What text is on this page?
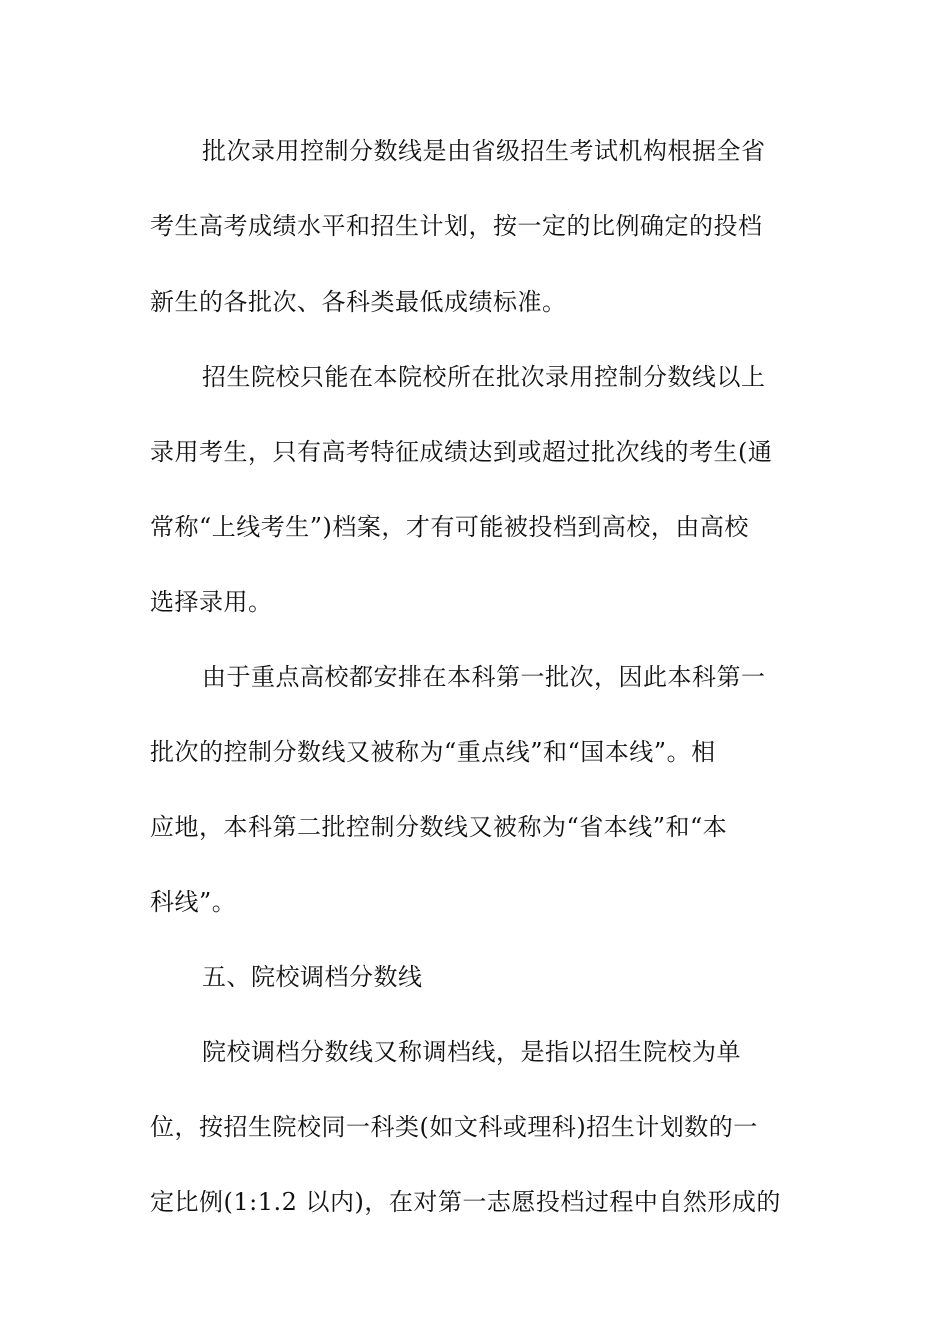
批次录用控制分数线是由省级招生考试机构根据全省
考生高考成绩水平和招生计划，按一定的比例确定的投档
新生的各批次、各科类最低成绩标准。
招生院校只能在本院校所在批次录用控制分数线以上
录用考生，只有高考特征成绩达到或超过批次线的考生(通
常称“上线考生”)档案，才有可能被投档到高校，由高校
选择录用。
由于重点高校都安排在本科第一批次，因此本科第一
批次的控制分数线又被称为“重点线”和“国本线”。相
应地，本科第二批控制分数线又被称为“省本线”和“本
科线”。
五、院校调档分数线
院校调档分数线又称调档线，是指以招生院校为单
位，按招生院校同一科类(如文科或理科)招生计划数的一
定比例(1:1.2 以内)，在对第一志愿投档过程中自然形成的
